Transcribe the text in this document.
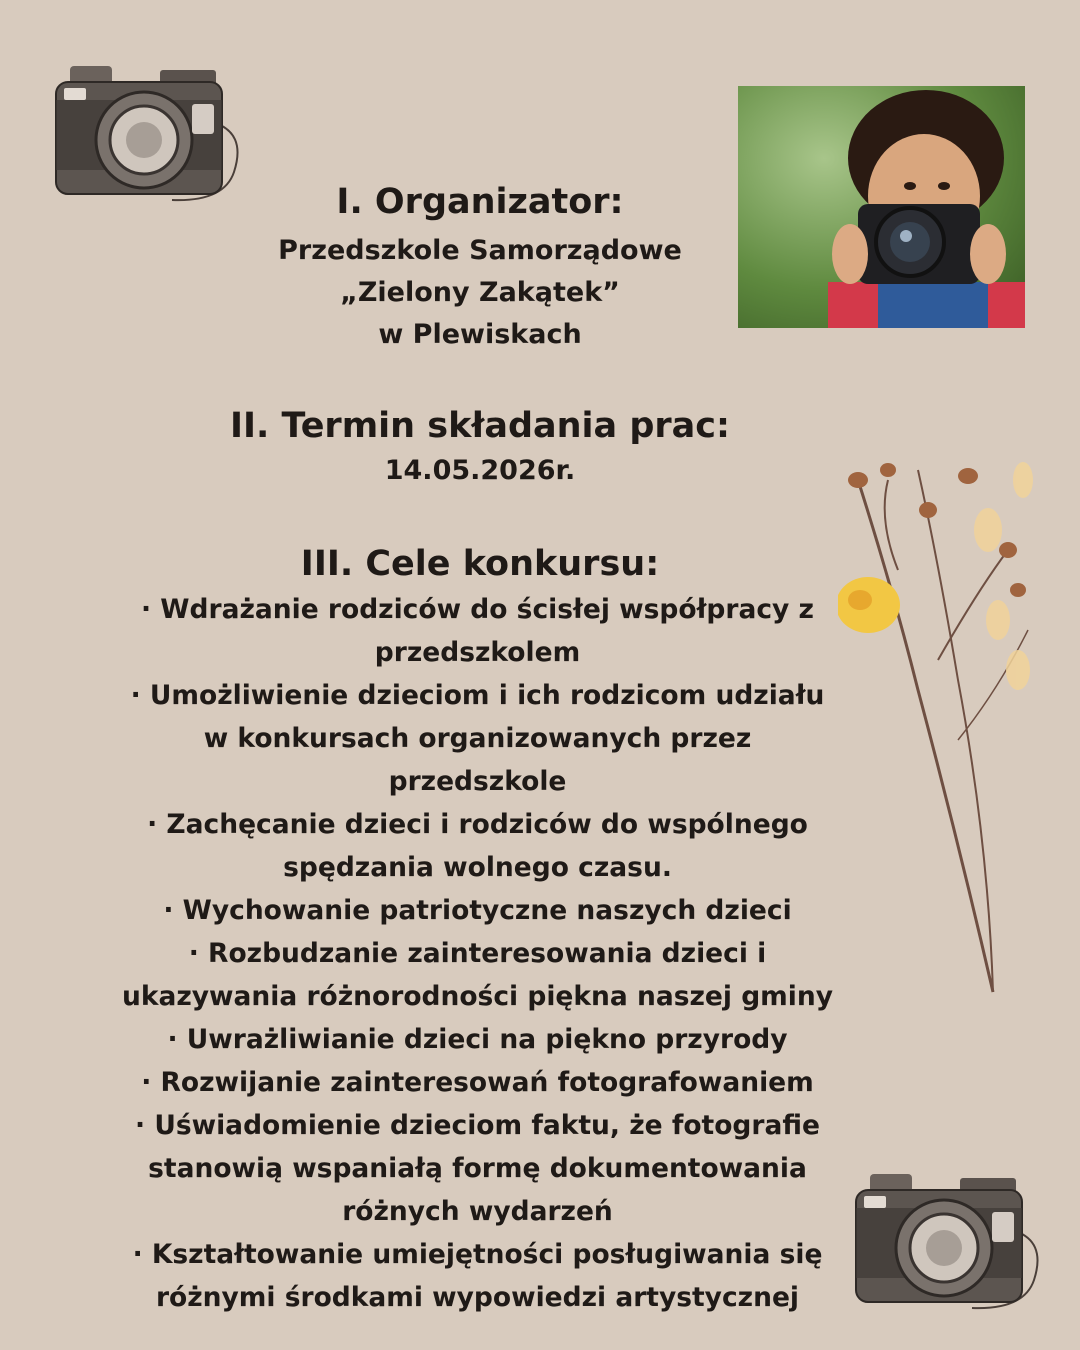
I. Organizator:
Przedszkole Samorządowe
„Zielony Zakątek”
w Plewiskach
II. Termin składania prac:
14.05.2026r.
III. Cele konkursu:
· Wdrażanie rodziców do ścisłej współpracy z
przedszkolem
· Umożliwienie dzieciom i ich rodzicom udziału
w konkursach organizowanych przez
przedszkole
· Zachęcanie dzieci i rodziców do wspólnego
spędzania wolnego czasu.
· Wychowanie patriotyczne naszych dzieci
· Rozbudzanie zainteresowania dzieci i
ukazywania różnorodności piękna naszej gminy
· Uwrażliwianie dzieci na piękno przyrody
· Rozwijanie zainteresowań fotografowaniem
· Uświadomienie dzieciom faktu, że fotografie
stanowią wspaniałą formę dokumentowania
różnych wydarzeń
· Kształtowanie umiejętności posługiwania się
różnymi środkami wypowiedzi artystycznej
